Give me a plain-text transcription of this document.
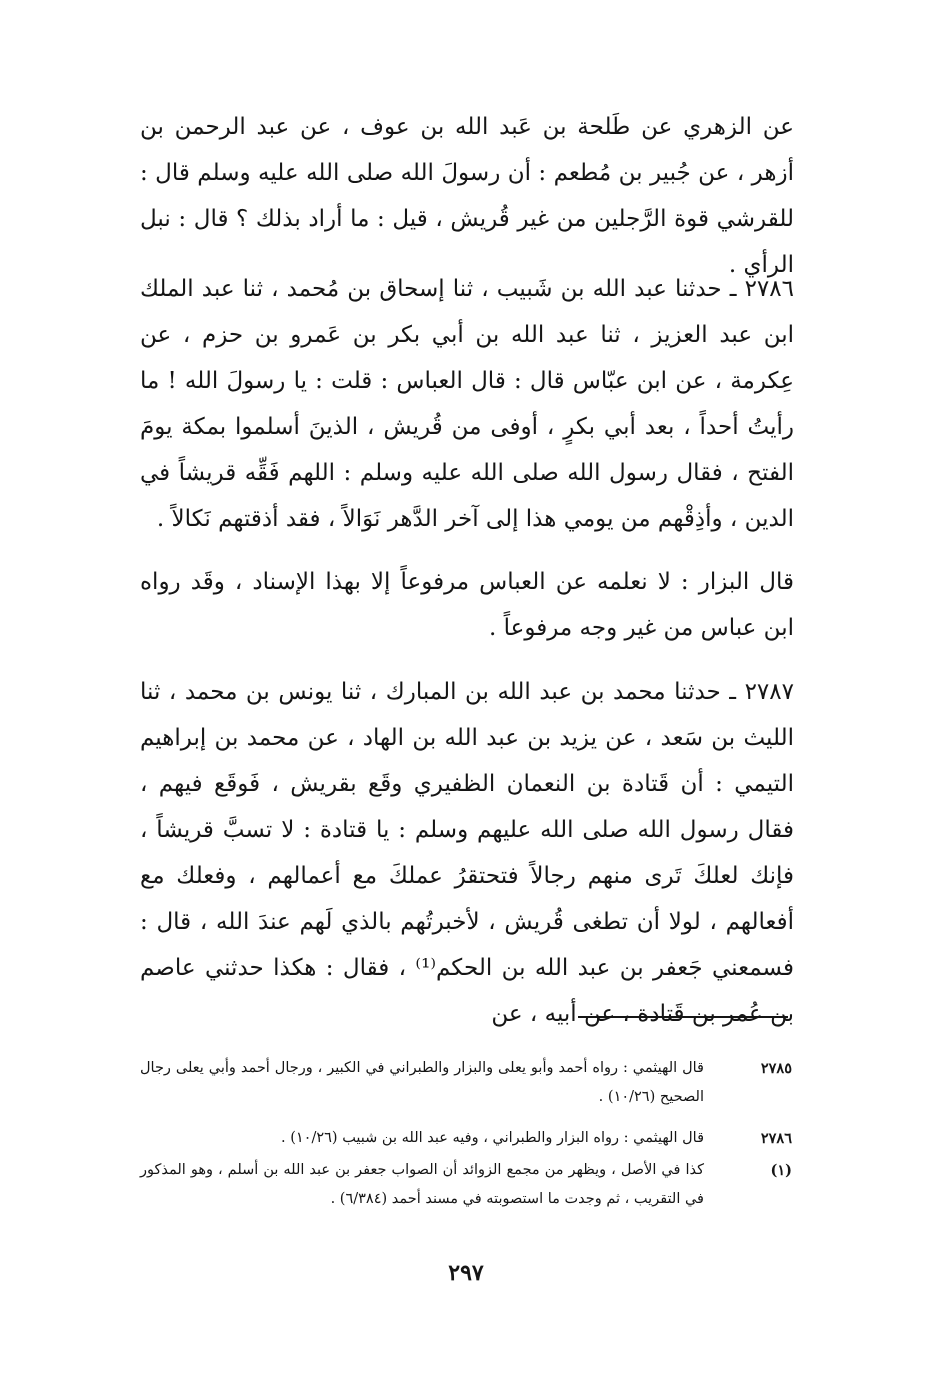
عن الزهري عن طَلحة بن عَبد الله بن عوف ، عن عبد الرحمن بن أزهر ، عن جُبير بن مُطعم : أن رسولَ الله صلى الله عليه وسلم قال : للقرشي قوة الرَّجلين من غير قُريش ، قيل : ما أراد بذلك ؟ قال : نبل الرأي .

٢٧٨٦ ـ حدثنا عبد الله بن شَبيب ، ثنا إسحاق بن مُحمد ، ثنا عبد الملك ابن عبد العزيز ، ثنا عبد الله بن أبي بكر بن عَمرو بن حزم ، عن عِكرمة ، عن ابن عبّاس قال : قال العباس : قلت : يا رسولَ الله ! ما رأيتُ أحداً ، بعد أبي بكرٍ ، أوفى من قُريش ، الذينَ أسلموا بمكة يومَ الفتح ، فقال رسول الله صلى الله عليه وسلم : اللهم فَقِّه قريشاً في الدين ، وأذِقْهم من يومي هذا إلى آخر الدَّهر نَوَالاً ، فقد أذقتهم نَكالاً .

قال البزار : لا نعلمه عن العباس مرفوعاً إلا بهذا الإسناد ، وقَد رواه ابن عباس من غير وجه مرفوعاً .

٢٧٨٧ ـ حدثنا محمد بن عبد الله بن المبارك ، ثنا يونس بن محمد ، ثنا الليث بن سَعد ، عن يزيد بن عبد الله بن الهاد ، عن محمد بن إبراهيم التيمي : أن قَتادة بن النعمان الظفيري وقَع بقريش ، فَوقَع فيهم ، فقال رسول الله صلى الله عليهم وسلم : يا قتادة : لا تسبَّ قريشاً ، فإنك لعلكَ تَرى منهم رجالاً فتحتقرُ عملكَ مع أعمالهم ، وفعلك مع أفعالهم ، لولا أن تطغى قُريش ، لأخبرتُهم بالذي لَهم عندَ الله ، قال : فسمعني جَعفر بن عبد الله بن الحكم⁽¹⁾ ، فقال : هكذا حدثني عاصم بن عُمر بن قَتادة ، عن أبيه ، عن

٢٧٨٥
قال الهيثمي : رواه أحمد وأبو يعلى والبزار والطبراني في الكبير ، ورجال أحمد وأبي يعلى رجال الصحيح (١٠/٢٦) .
٢٧٨٦
قال الهيثمي : رواه البزار والطبراني ، وفيه عبد الله بن شبيب (١٠/٢٦) .
(١)
كذا في الأصل ، ويظهر من مجمع الزوائد أن الصواب جعفر بن عبد الله بن أسلم ، وهو المذكور في التقريب ، ثم وجدت ما استصوبته في مسند أحمد (٦/٣٨٤) .
٢٩٧
